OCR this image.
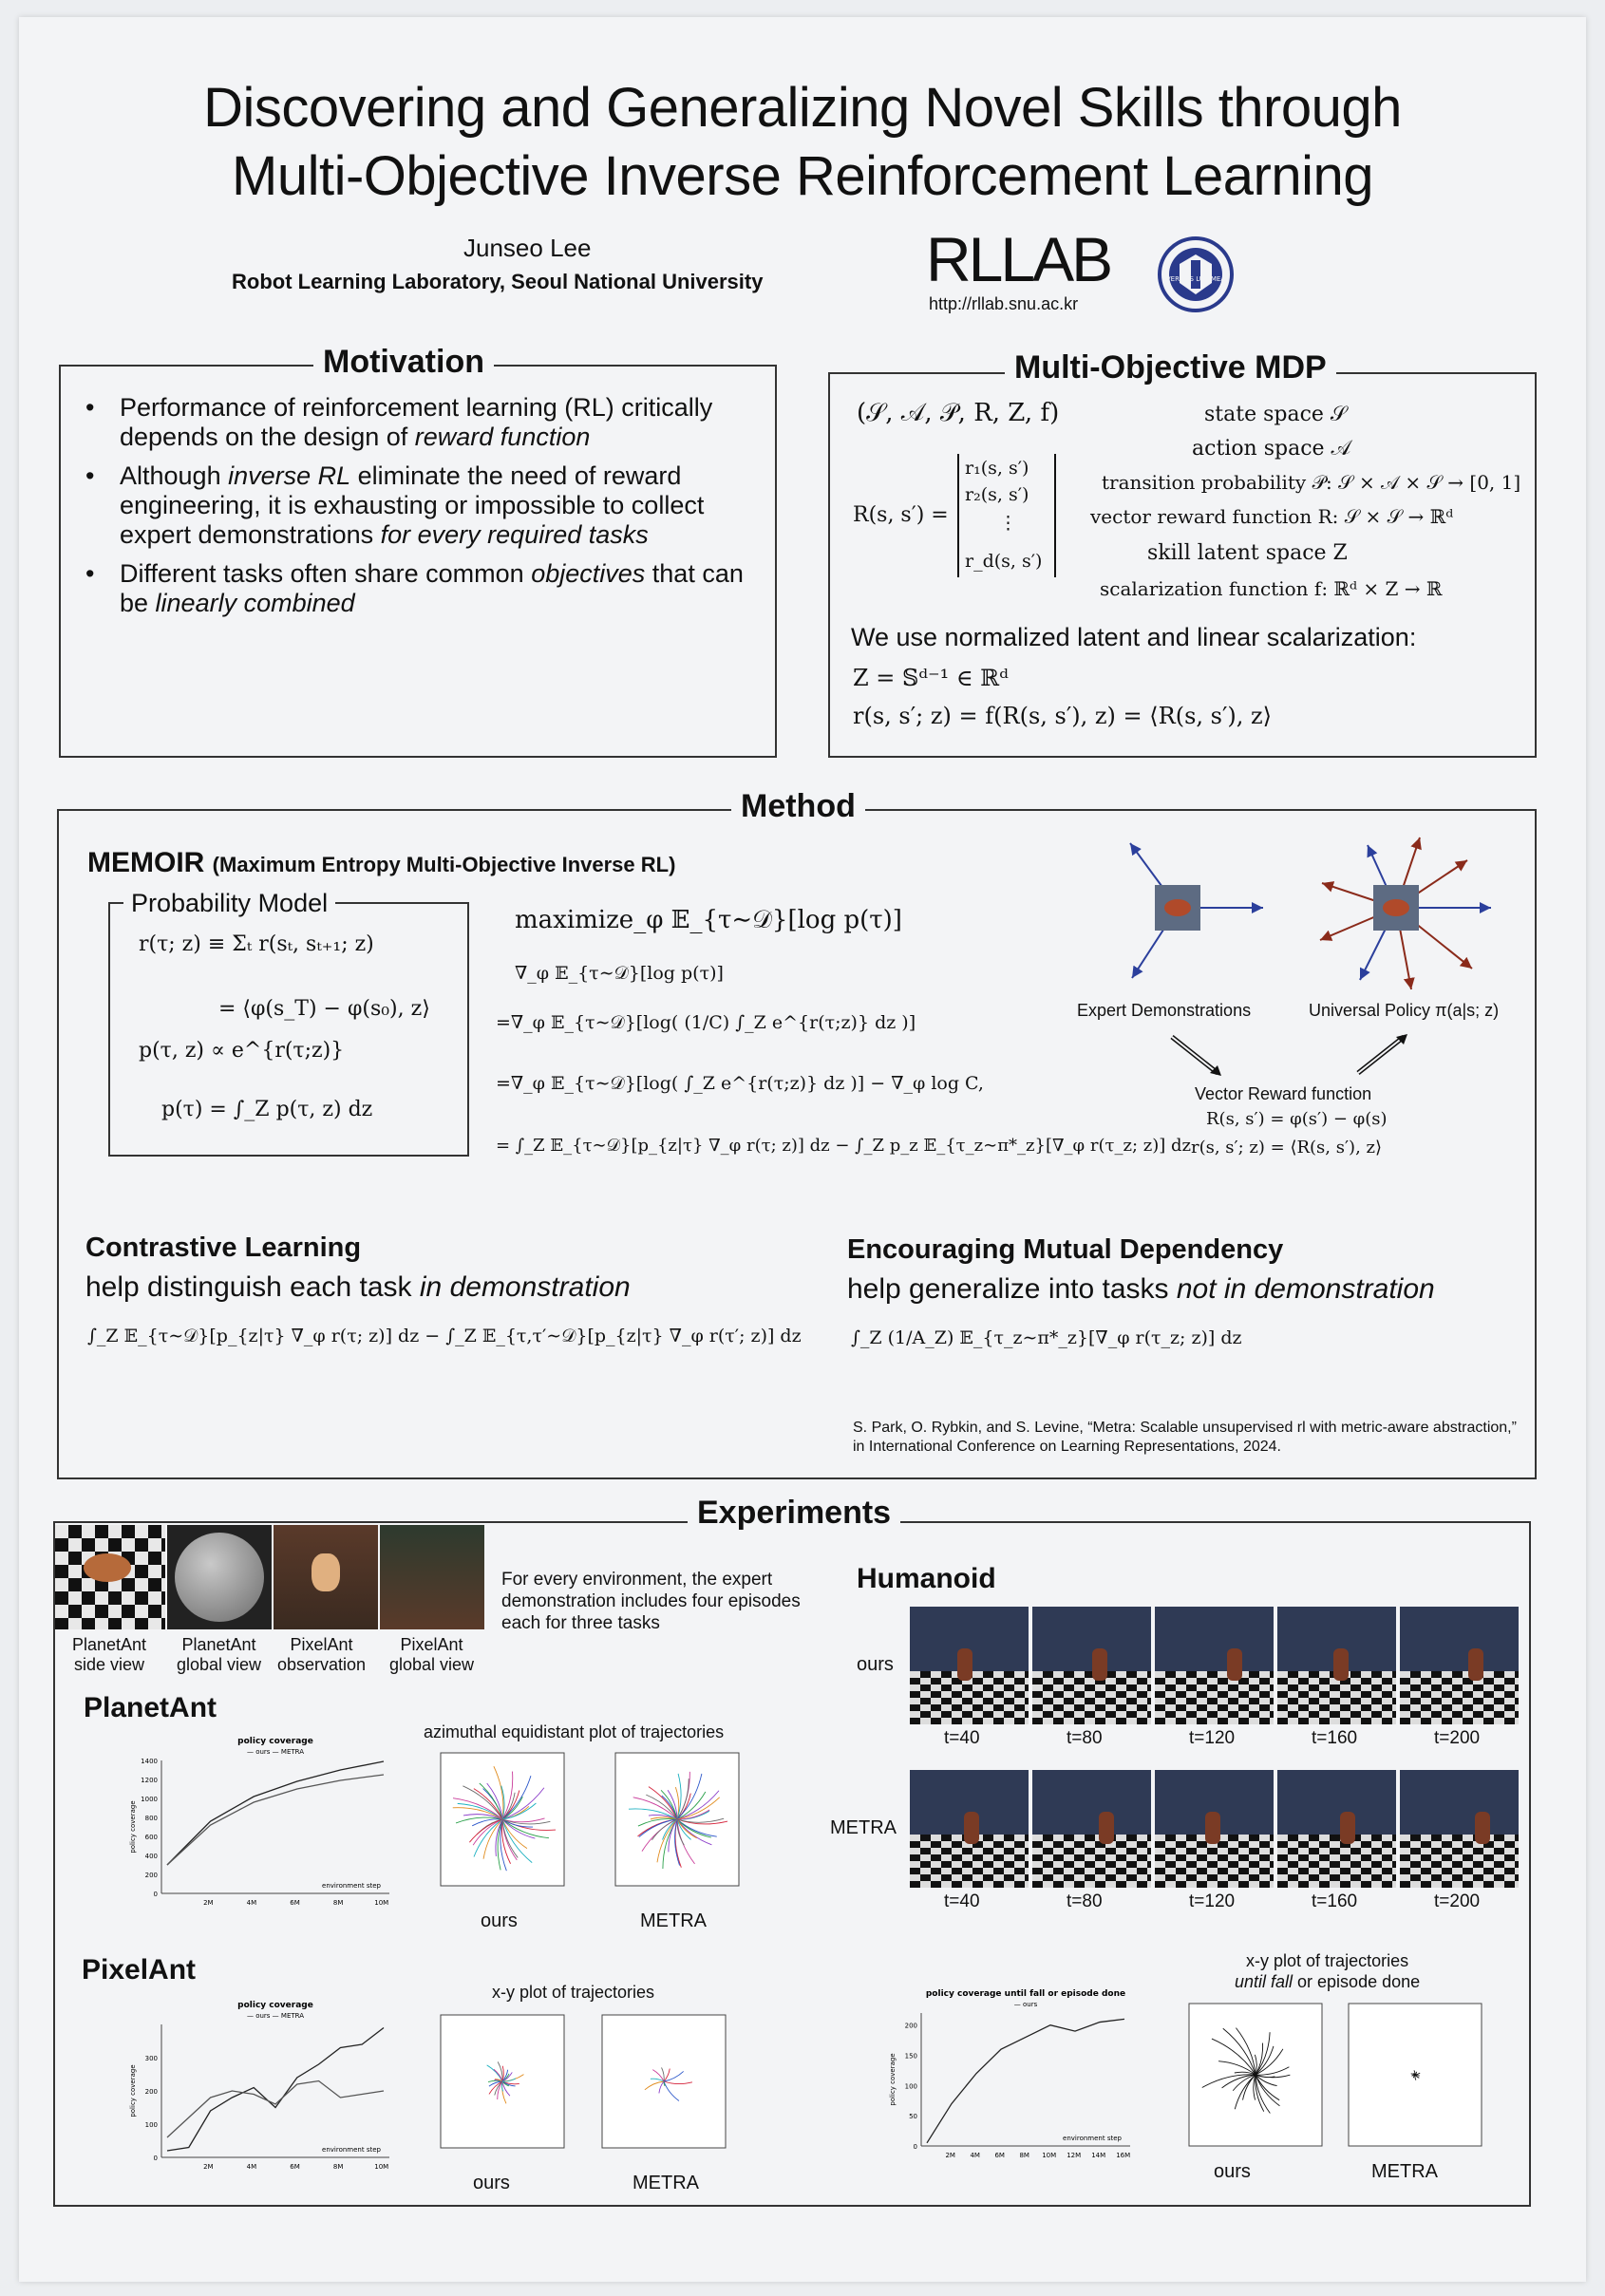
Discovering and Generalizing Novel Skills through
Multi-Objective Inverse Reinforcement Learning
Junseo Lee
Robot Learning Laboratory, Seoul National University	RLLAB
http://rllab.snu.ac.kr
VERITAS LUX MEA
Motivation
• Performance of reinforcement learning (RL) critically depends on the design of reward function
• Although inverse RL eliminate the need of reward engineering, it is exhausting or impossible to collect expert demonstrations for every required tasks
• Different tasks often share common objectives that can be linearly combined
Multi-Objective MDP
(𝒮, 𝒜, 𝒫, R, Z, f)
R(s, s′) =
r₁(s, s′)
r₂(s, s′)
⋮
r_d(s, s′)
state space 𝒮
action space 𝒜
transition probability 𝒫: 𝒮 × 𝒜 × 𝒮 → [0, 1]
vector reward function R: 𝒮 × 𝒮 → ℝᵈ
skill latent space Z
scalarization function f: ℝᵈ × Z → ℝ
We use normalized latent and linear scalarization:
Z = 𝕊ᵈ⁻¹ ∈ ℝᵈ
r(s, s′; z) = f(R(s, s′), z) = ⟨R(s, s′), z⟩
Method
MEMOIR (Maximum Entropy Multi-Objective Inverse RL)
Probability Model
r(τ; z) ≡ Σₜ r(sₜ, sₜ₊₁; z)
= ⟨φ(s_T) − φ(s₀), z⟩
p(τ, z) ∝ e^{r(τ;z)}
p(τ) = ∫_Z p(τ, z) dz
maximize_φ 𝔼_{τ∼𝒟}[log p(τ)]
∇_φ 𝔼_{τ∼𝒟}[log p(τ)]
=∇_φ 𝔼_{τ∼𝒟}[log( (1/C) ∫_Z e^{r(τ;z)} dz )]
=∇_φ 𝔼_{τ∼𝒟}[log( ∫_Z e^{r(τ;z)} dz )] − ∇_φ log C,
= ∫_Z 𝔼_{τ∼𝒟}[p_{z|τ} ∇_φ r(τ; z)] dz − ∫_Z p_z 𝔼_{τ_z∼π*_z}[∇_φ r(τ_z; z)] dz
Expert Demonstrations	Universal Policy π(a|s; z)
Vector Reward function
R(s, s′) = φ(s′) − φ(s)
r(s, s′; z) = ⟨R(s, s′), z⟩
Contrastive Learning
help distinguish each task in demonstration
∫_Z 𝔼_{τ∼𝒟}[p_{z|τ} ∇_φ r(τ; z)] dz − ∫_Z 𝔼_{τ,τ′∼𝒟}[p_{z|τ} ∇_φ r(τ′; z)] dz
Encouraging Mutual Dependency
help generalize into tasks not in demonstration
∫_Z (1/A_Z) 𝔼_{τ_z∼π*_z}[∇_φ r(τ_z; z)] dz
S. Park, O. Rybkin, and S. Levine, “Metra: Scalable unsupervised rl with metric-aware abstraction,” in International Conference on Learning Representations, 2024.
Experiments
PlanetAnt
side view
PlanetAnt
global view
PixelAnt
observation
PixelAnt
global view
For every environment, the expert demonstration includes four episodes each for three tasks
PlanetAnt
PixelAnt
Humanoid
policy coverage
— ours — METRA
environment step
policy coverage
0
200
400
600
800
1000
1200
1400
2M	4M	6M	8M	10M
policy coverage
— ours — METRA
environment step
policy coverage
0
100
200
300
2M	4M	6M	8M	10M
policy coverage until fall or episode done
— ours
environment step
policy coverage
0
50
100
150
200
2M 4M 6M 8M 10M 12M 14M 16M
azimuthal equidistant plot of trajectories
ours	METRA
x-y plot of trajectories
ours	METRA
x-y plot of trajectories
until fall or episode done
ours	METRA
ours
METRA
t=40	t=80	t=120	t=160	t=200
t=40	t=80	t=120	t=160	t=200
